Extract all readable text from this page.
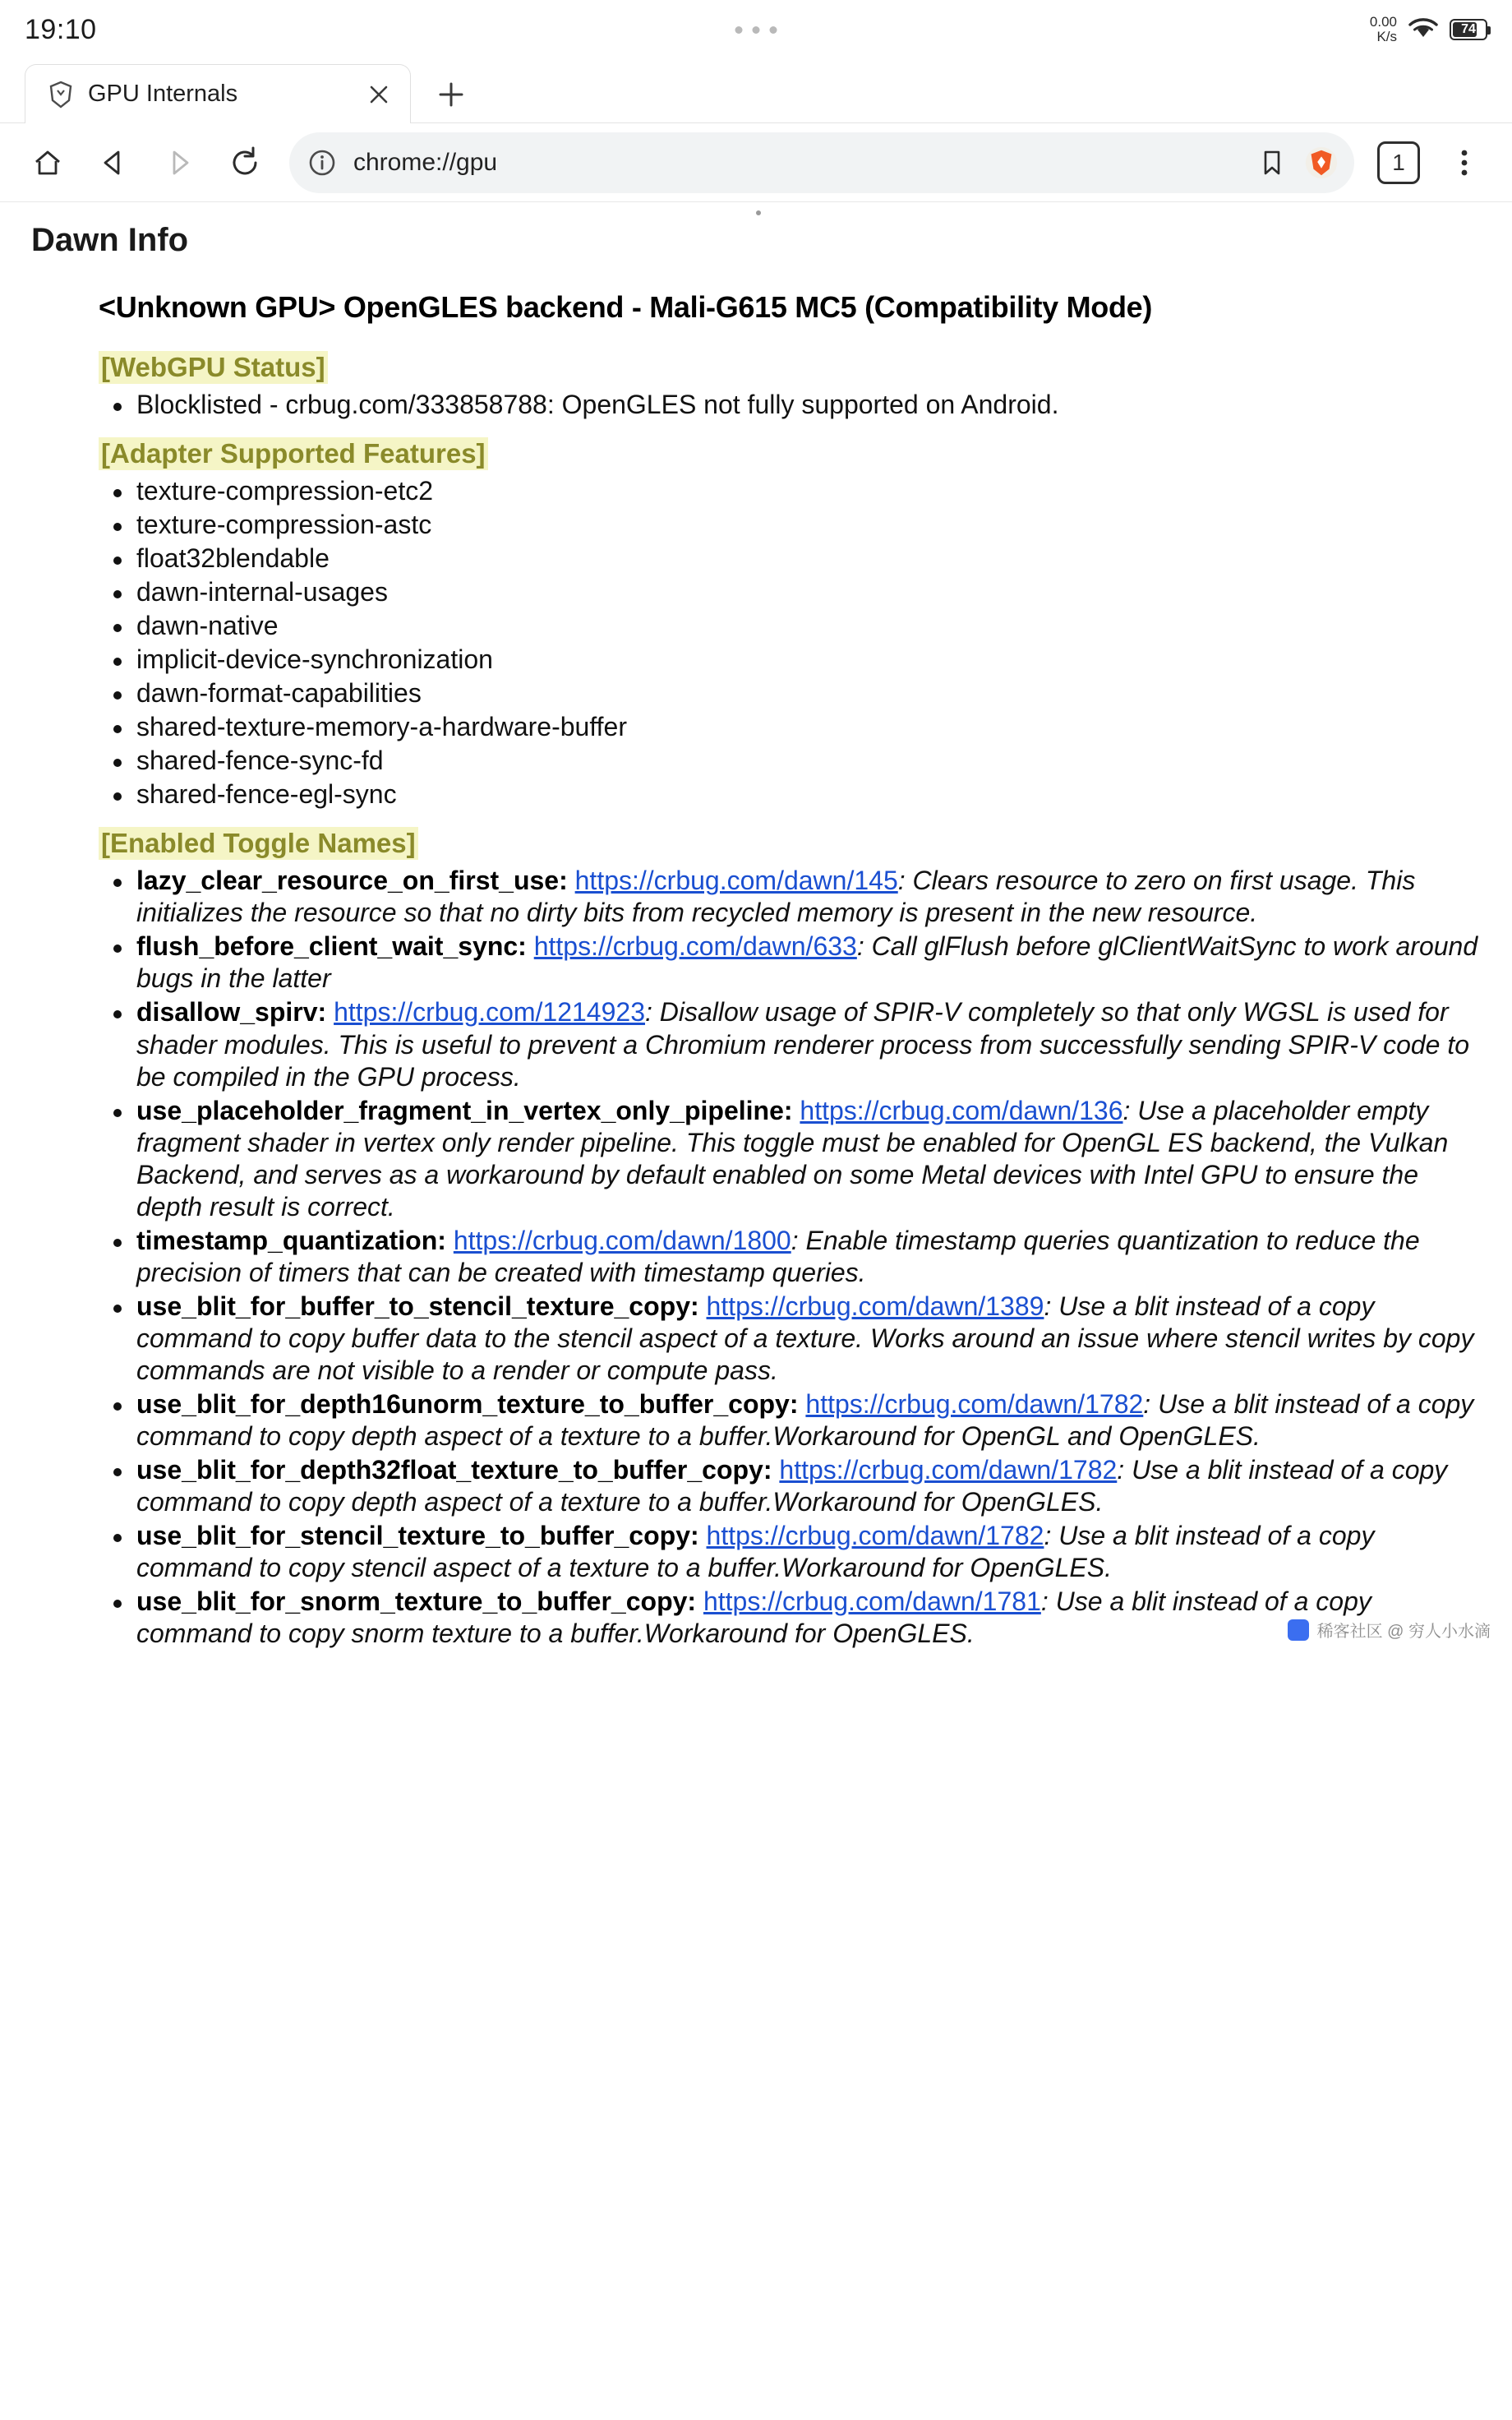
19:10	0.00
K/s	74
GPU Internals
chrome://gpu	1
Dawn Info
<Unknown GPU> OpenGLES backend - Mali-G615 MC5 (Compatibility Mode)
[WebGPU Status]
Blocklisted - crbug.com/333858788: OpenGLES not fully supported on Android.
[Adapter Supported Features]
texture-compression-etc2
texture-compression-astc
float32blendable
dawn-internal-usages
dawn-native
implicit-device-synchronization
dawn-format-capabilities
shared-texture-memory-a-hardware-buffer
shared-fence-sync-fd
shared-fence-egl-sync
[Enabled Toggle Names]
lazy_clear_resource_on_first_use: https://crbug.com/dawn/145: Clears resource to zero on first usage. This initializes the resource so that no dirty bits from recycled memory is present in the new resource.
flush_before_client_wait_sync: https://crbug.com/dawn/633: Call glFlush before glClientWaitSync to work around bugs in the latter
disallow_spirv: https://crbug.com/1214923: Disallow usage of SPIR-V completely so that only WGSL is used for shader modules. This is useful to prevent a Chromium renderer process from successfully sending SPIR-V code to be compiled in the GPU process.
use_placeholder_fragment_in_vertex_only_pipeline: https://crbug.com/dawn/136: Use a placeholder empty fragment shader in vertex only render pipeline. This toggle must be enabled for OpenGL ES backend, the Vulkan Backend, and serves as a workaround by default enabled on some Metal devices with Intel GPU to ensure the depth result is correct.
timestamp_quantization: https://crbug.com/dawn/1800: Enable timestamp queries quantization to reduce the precision of timers that can be created with timestamp queries.
use_blit_for_buffer_to_stencil_texture_copy: https://crbug.com/dawn/1389: Use a blit instead of a copy command to copy buffer data to the stencil aspect of a texture. Works around an issue where stencil writes by copy commands are not visible to a render or compute pass.
use_blit_for_depth16unorm_texture_to_buffer_copy: https://crbug.com/dawn/1782: Use a blit instead of a copy command to copy depth aspect of a texture to a buffer.Workaround for OpenGL and OpenGLES.
use_blit_for_depth32float_texture_to_buffer_copy: https://crbug.com/dawn/1782: Use a blit instead of a copy command to copy depth aspect of a texture to a buffer.Workaround for OpenGLES.
use_blit_for_stencil_texture_to_buffer_copy: https://crbug.com/dawn/1782: Use a blit instead of a copy command to copy stencil aspect of a texture to a buffer.Workaround for OpenGLES.
use_blit_for_snorm_texture_to_buffer_copy: https://crbug.com/dawn/1781: Use a blit instead of a copy command to copy snorm texture to a buffer.Workaround for OpenGLES.	稀客社区 @ 穷人小水滴
